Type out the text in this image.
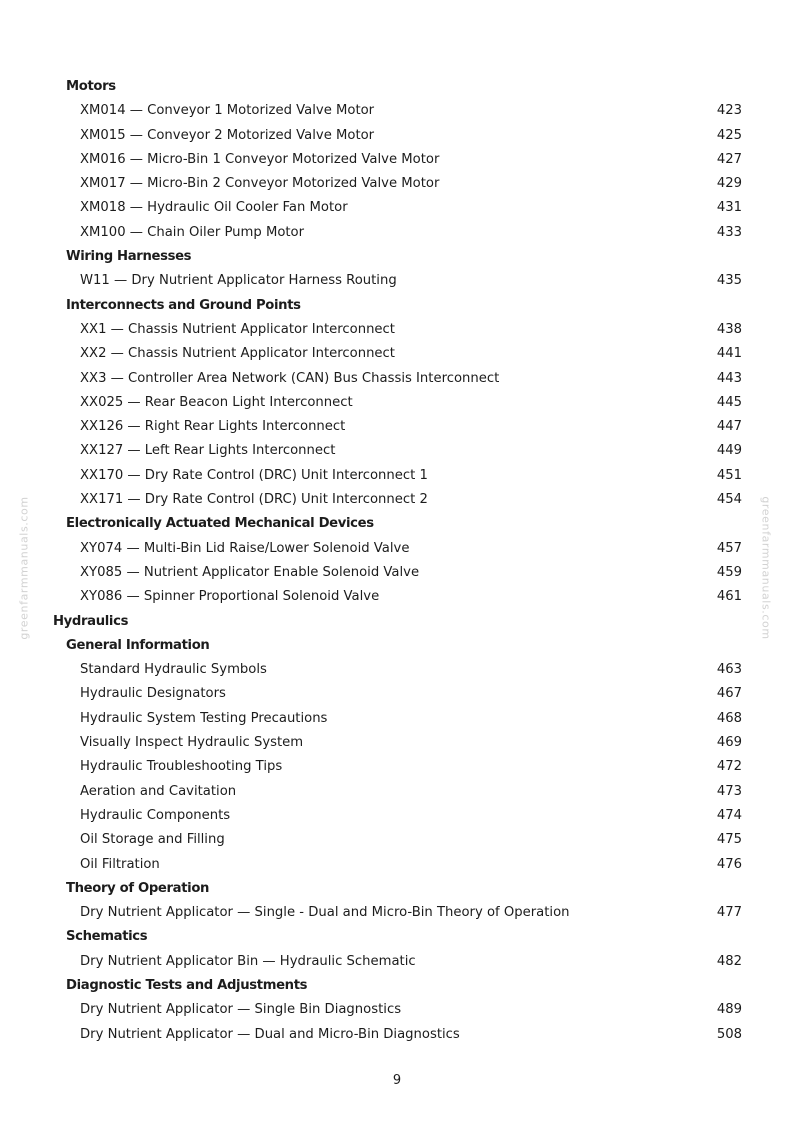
Motors
XM014 — Conveyor 1 Motorized Valve Motor	423
XM015 — Conveyor 2 Motorized Valve Motor	425
XM016 — Micro-Bin 1 Conveyor Motorized Valve Motor	427
XM017 — Micro-Bin 2 Conveyor Motorized Valve Motor	429
XM018 — Hydraulic Oil Cooler Fan Motor	431
XM100 — Chain Oiler Pump Motor	433
Wiring Harnesses
W11 — Dry Nutrient Applicator Harness Routing	435
Interconnects and Ground Points
XX1 — Chassis Nutrient Applicator Interconnect	438
XX2 — Chassis Nutrient Applicator Interconnect	441
XX3 — Controller Area Network (CAN) Bus Chassis Interconnect	443
XX025 — Rear Beacon Light Interconnect	445
XX126 — Right Rear Lights Interconnect	447
XX127 — Left Rear Lights Interconnect	449
XX170 — Dry Rate Control (DRC) Unit Interconnect 1	451
XX171 — Dry Rate Control (DRC) Unit Interconnect 2	454
Electronically Actuated Mechanical Devices
XY074 — Multi-Bin Lid Raise/Lower Solenoid Valve	457
XY085 — Nutrient Applicator Enable Solenoid Valve	459
XY086 — Spinner Proportional Solenoid Valve	461
Hydraulics
General Information
Standard Hydraulic Symbols	463
Hydraulic Designators	467
Hydraulic System Testing Precautions	468
Visually Inspect Hydraulic System	469
Hydraulic Troubleshooting Tips	472
Aeration and Cavitation	473
Hydraulic Components	474
Oil Storage and Filling	475
Oil Filtration	476
Theory of Operation
Dry Nutrient Applicator — Single - Dual and Micro-Bin Theory of Operation	477
Schematics
Dry Nutrient Applicator Bin — Hydraulic Schematic	482
Diagnostic Tests and Adjustments
Dry Nutrient Applicator — Single Bin Diagnostics	489
Dry Nutrient Applicator — Dual and Micro-Bin Diagnostics	508
greenfarmmanuals.com	greenfarmmanuals.com
9
